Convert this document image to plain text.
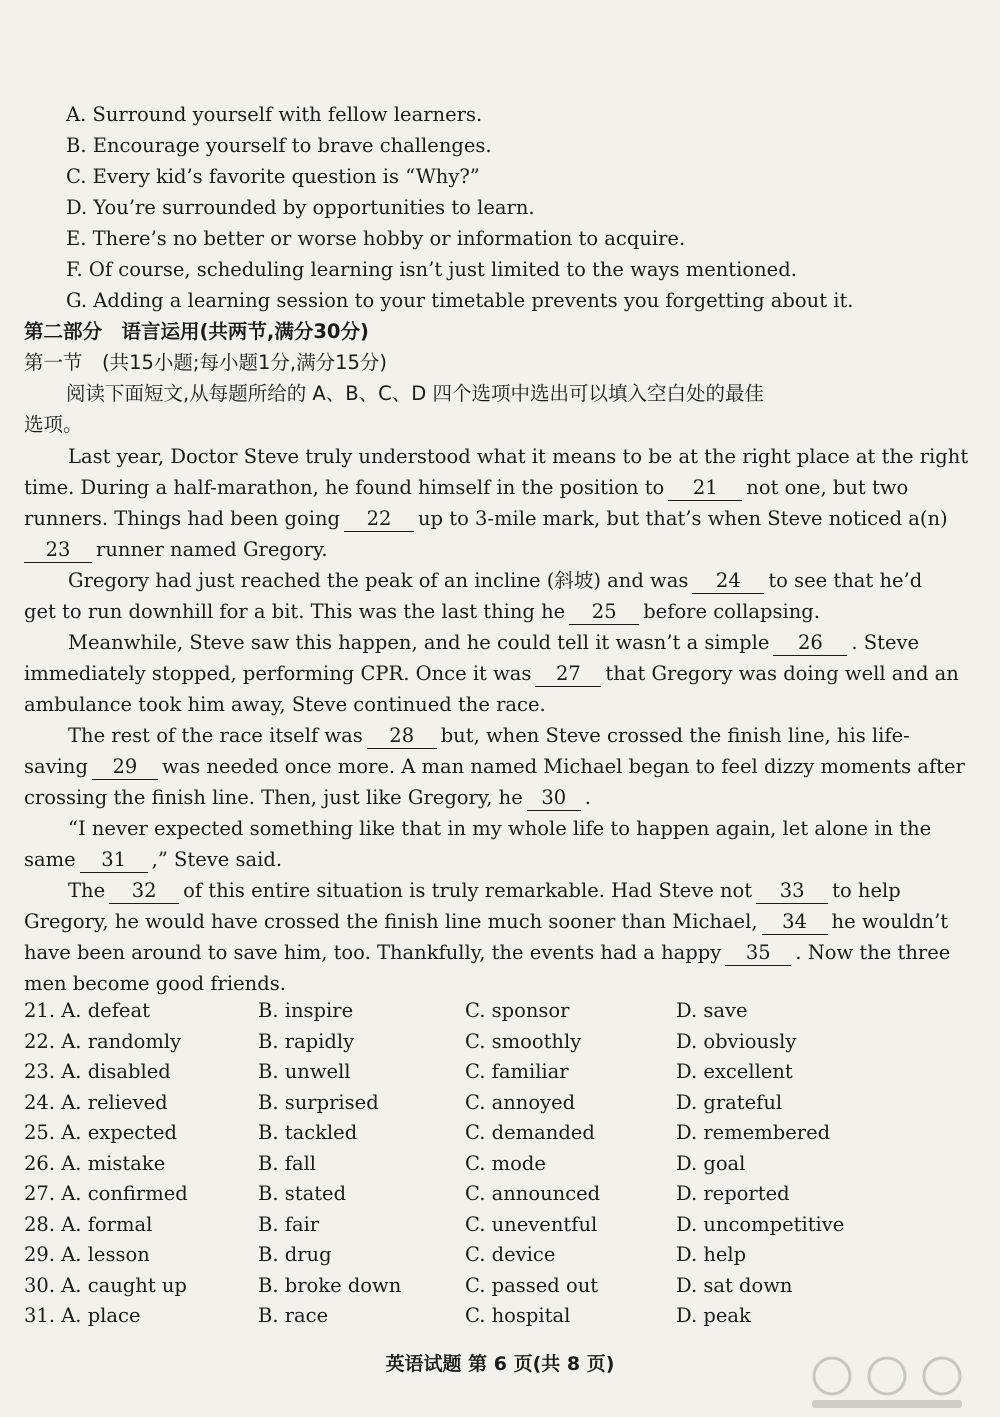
A. Surround yourself with fellow learners.
B. Encourage yourself to brave challenges.
C. Every kid’s favorite question is “Why?”
D. You’re surrounded by opportunities to learn.
E. There’s no better or worse hobby or information to acquire.
F. Of course, scheduling learning isn’t just limited to the ways mentioned.
G. Adding a learning session to your timetable prevents you forgetting about it.
第二部分　语言运用(共两节,满分30分)
第一节　(共15小题;每小题1分,满分15分)
阅读下面短文,从每题所给的 A、B、C、D 四个选项中选出可以填入空白处的最佳
选项。
Last year, Doctor Steve truly understood what it means to be at the right place at the right
time. During a half-marathon, he found himself in the position to 21 not one, but two
runners. Things had been going 22 up to 3-mile mark, but that’s when Steve noticed a(n)
23 runner named Gregory.
Gregory had just reached the peak of an incline (斜坡) and was 24 to see that he’d
get to run downhill for a bit. This was the last thing he 25 before collapsing.
Meanwhile, Steve saw this happen, and he could tell it wasn’t a simple 26 . Steve
immediately stopped, performing CPR. Once it was 27 that Gregory was doing well and an
ambulance took him away, Steve continued the race.
The rest of the race itself was 28 but, when Steve crossed the finish line, his life-
saving 29 was needed once more. A man named Michael began to feel dizzy moments after
crossing the finish line. Then, just like Gregory, he 30 .
“I never expected something like that in my whole life to happen again, let alone in the
same 31 ,” Steve said.
The 32 of this entire situation is truly remarkable. Had Steve not 33 to help
Gregory, he would have crossed the finish line much sooner than Michael, 34 he wouldn’t
have been around to save him, too. Thankfully, the events had a happy 35 . Now the three
men become good friends.
21. A. defeat	B. inspire	C. sponsor	D. save
22. A. randomly	B. rapidly	C. smoothly	D. obviously
23. A. disabled	B. unwell	C. familiar	D. excellent
24. A. relieved	B. surprised	C. annoyed	D. grateful
25. A. expected	B. tackled	C. demanded	D. remembered
26. A. mistake	B. fall	C. mode	D. goal
27. A. confirmed	B. stated	C. announced	D. reported
28. A. formal	B. fair	C. uneventful	D. uncompetitive
29. A. lesson	B. drug	C. device	D. help
30. A. caught up	B. broke down	C. passed out	D. sat down
31. A. place	B. race	C. hospital	D. peak
英语试题 第 6 页(共 8 页)
